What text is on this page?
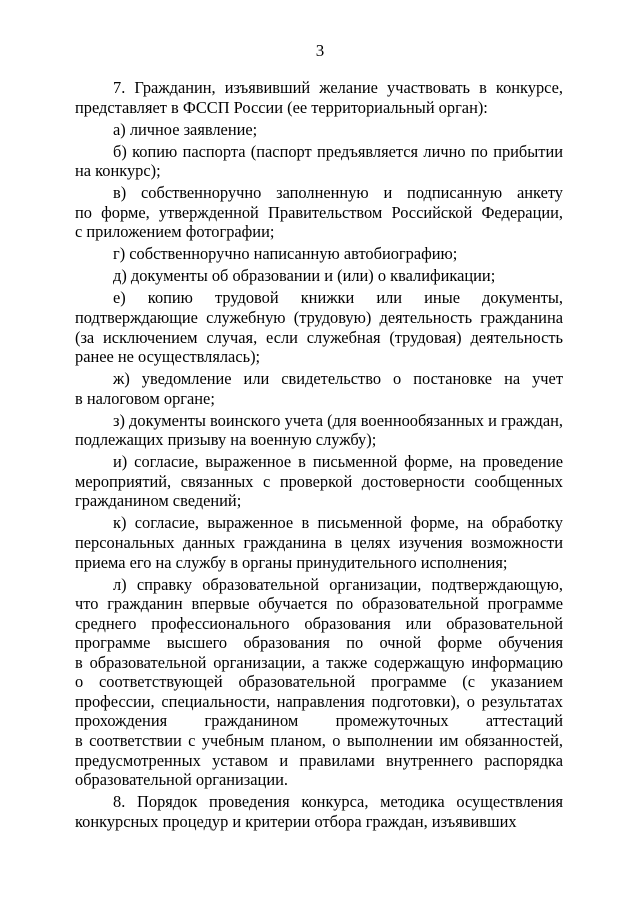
3
7. Гражданин, изъявивший желание участвовать в конкурсе,
представляет в ФССП России (ее территориальный орган):
а) личное заявление;
б) копию паспорта (паспорт предъявляется лично по прибытии
на конкурс);
в) собственноручно заполненную и подписанную анкету
по форме, утвержденной Правительством Российской Федерации,
с приложением фотографии;
г) собственноручно написанную автобиографию;
д) документы об образовании и (или) о квалификации;
е) копию трудовой книжки или иные документы,
подтверждающие служебную (трудовую) деятельность гражданина
(за исключением случая, если служебная (трудовая) деятельность
ранее не осуществлялась);
ж) уведомление или свидетельство о постановке на учет
в налоговом органе;
з) документы воинского учета (для военнообязанных и граждан,
подлежащих призыву на военную службу);
и) согласие, выраженное в письменной форме, на проведение
мероприятий, связанных с проверкой достоверности сообщенных
гражданином сведений;
к) согласие, выраженное в письменной форме, на обработку
персональных данных гражданина в целях изучения возможности
приема его на службу в органы принудительного исполнения;
л) справку образовательной организации, подтверждающую,
что гражданин впервые обучается по образовательной программе
среднего профессионального образования или образовательной
программе высшего образования по очной форме обучения
в образовательной организации, а также содержащую информацию
о соответствующей образовательной программе (с указанием
профессии, специальности, направления подготовки), о результатах
прохождения гражданином промежуточных аттестаций
в соответствии с учебным планом, о выполнении им обязанностей,
предусмотренных уставом и правилами внутреннего распорядка
образовательной организации.
8. Порядок проведения конкурса, методика осуществления
конкурсных процедур и критерии отбора граждан, изъявивших
